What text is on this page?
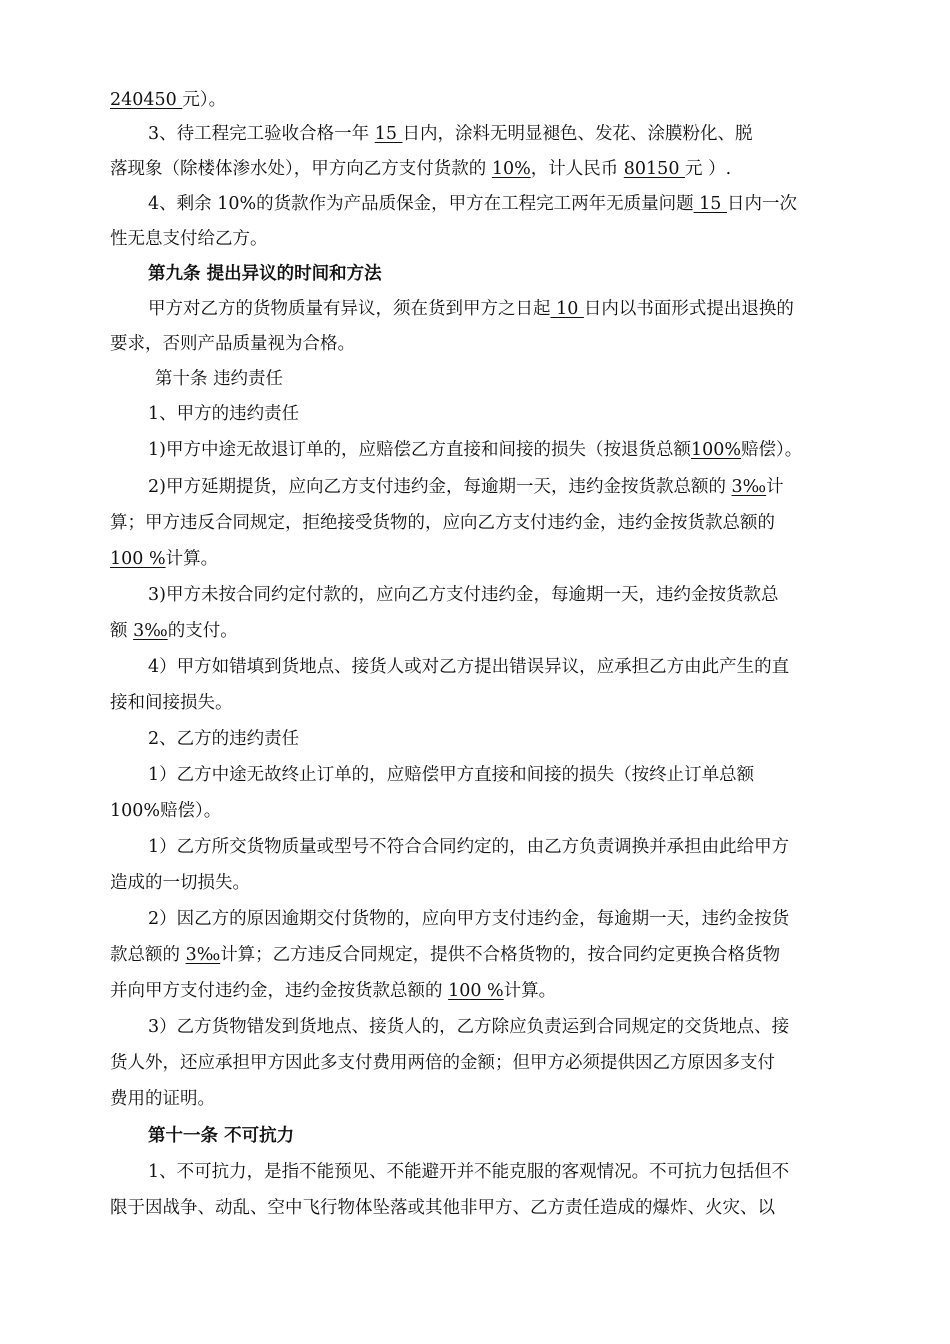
240450 元）。
3、待工程完工验收合格一年 15 日内，涂料无明显褪色、发花、涂膜粉化、脱
落现象（除楼体渗水处），甲方向乙方支付货款的 10%，计人民币 80150 元 ）.
4、剩余 10%的货款作为产品质保金，甲方在工程完工两年无质量问题 15 日内一次
性无息支付给乙方。
第九条 提出异议的时间和方法
甲方对乙方的货物质量有异议，须在货到甲方之日起 10 日内以书面形式提出退换的
要求，否则产品质量视为合格。
第十条 违约责任
1、甲方的违约责任
1)甲方中途无故退订单的，应赔偿乙方直接和间接的损失（按退货总额100%赔偿）。
2)甲方延期提货，应向乙方支付违约金，每逾期一天，违约金按货款总额的 3‰计
算；甲方违反合同规定，拒绝接受货物的，应向乙方支付违约金，违约金按货款总额的
100 %计算。
3)甲方未按合同约定付款的，应向乙方支付违约金，每逾期一天，违约金按货款总
额 3‰的支付。
4）甲方如错填到货地点、接货人或对乙方提出错误异议，应承担乙方由此产生的直
接和间接损失。
2、乙方的违约责任
1）乙方中途无故终止订单的，应赔偿甲方直接和间接的损失（按终止订单总额
100%赔偿）。
1）乙方所交货物质量或型号不符合合同约定的，由乙方负责调换并承担由此给甲方
造成的一切损失。
2）因乙方的原因逾期交付货物的，应向甲方支付违约金，每逾期一天，违约金按货
款总额的 3‰计算；乙方违反合同规定，提供不合格货物的，按合同约定更换合格货物
并向甲方支付违约金，违约金按货款总额的 100 %计算。
3）乙方货物错发到货地点、接货人的，乙方除应负责运到合同规定的交货地点、接
货人外，还应承担甲方因此多支付费用两倍的金额；但甲方必须提供因乙方原因多支付
费用的证明。
第十一条 不可抗力
1、不可抗力，是指不能预见、不能避开并不能克服的客观情况。不可抗力包括但不
限于因战争、动乱、空中飞行物体坠落或其他非甲方、乙方责任造成的爆炸、火灾、以
